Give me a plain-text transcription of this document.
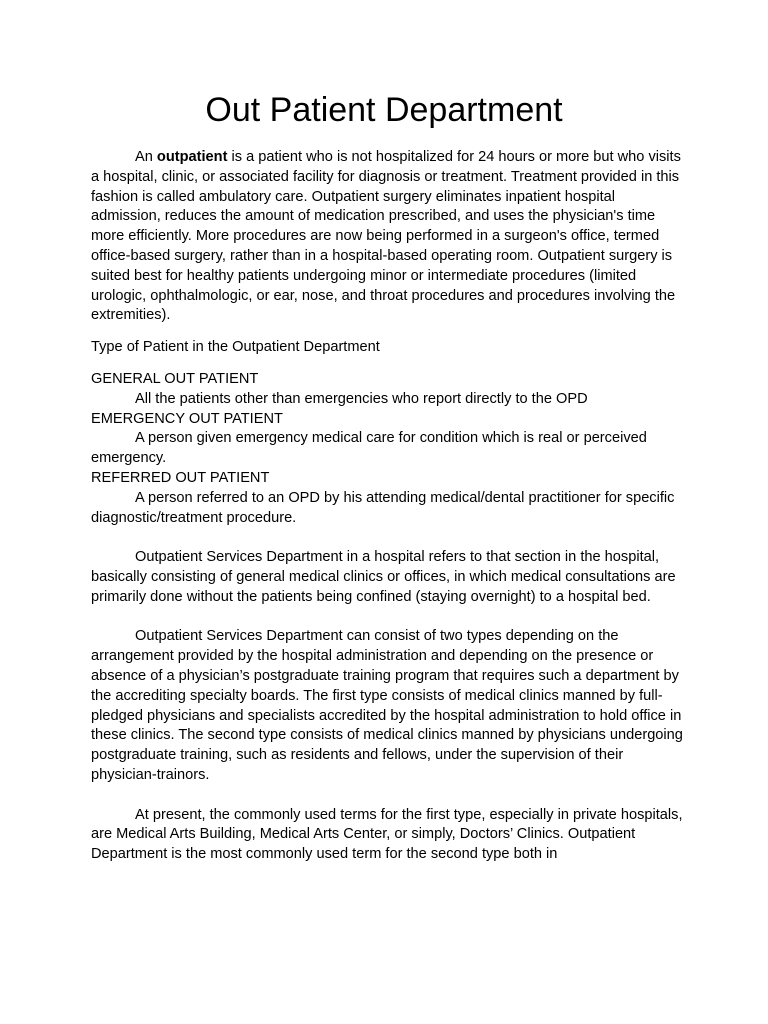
Out Patient Department

An outpatient is a patient who is not hospitalized for 24 hours or more but who visits a hospital, clinic, or associated facility for diagnosis or treatment. Treatment provided in this fashion is called ambulatory care. Outpatient surgery eliminates inpatient hospital admission, reduces the amount of medication prescribed, and uses the physician's time more efficiently. More procedures are now being performed in a surgeon's office, termed office-based surgery, rather than in a hospital-based operating room. Outpatient surgery is suited best for healthy patients undergoing minor or intermediate procedures (limited urologic, ophthalmologic, or ear, nose, and throat procedures and procedures involving the extremities).

Type of Patient in the Outpatient Department

GENERAL OUT PATIENT

All the patients other than emergencies who report directly to the OPD

EMERGENCY OUT PATIENT

A person given emergency medical care for condition which is real or perceived emergency.

REFERRED OUT PATIENT

A person referred to an OPD by his attending medical/dental practitioner for specific diagnostic/treatment procedure.

Outpatient Services Department in a hospital refers to that section in the hospital, basically consisting of general medical clinics or offices, in which medical consultations are primarily done without the patients being confined (staying overnight) to a hospital bed.

Outpatient Services Department can consist of two types depending on the arrangement provided by the hospital administration and depending on the presence or absence of a physician’s postgraduate training program that requires such a department by the accrediting specialty boards. The first type consists of medical clinics manned by full-pledged physicians and specialists accredited by the hospital administration to hold office in these clinics. The second type consists of medical clinics manned by physicians undergoing postgraduate training, such as residents and fellows, under the supervision of their physician-trainors.

At present, the commonly used terms for the first type, especially in private hospitals, are Medical Arts Building, Medical Arts Center, or simply, Doctors’ Clinics. Outpatient Department is the most commonly used term for the second type both in
